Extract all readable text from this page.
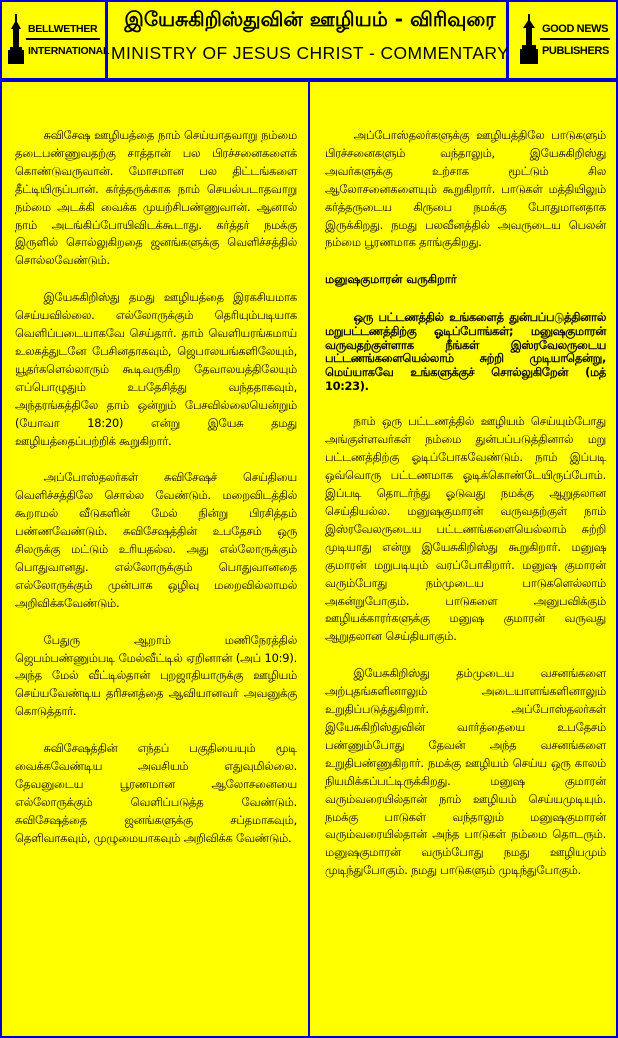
BELLWETHER
INTERNATIONAL
இயேசுகிறிஸ்துவின் ஊழியம் - விரிவுரை
MINISTRY OF JESUS CHRIST - COMMENTARY
GOOD NEWS
PUBLISHERS

சுவிசேஷ ஊழியத்தை நாம் செய்யாதவாறு நம்மை தடைபண்ணுவதற்கு சாத்தான் பல பிரச்சனைகளைக் கொண்டுவருவான். மோசமான பல திட்டங்களை தீட்டியிருப்பான். கர்த்தருக்காக நாம் செயல்படாதவாறு நம்மை அடக்கி வைக்க முயற்சிபண்ணுவான். ஆனால் நாம் அடங்கிப்போயிவிடக்கூடாது. கர்த்தர் நமக்கு இருளில் சொல்லுகிறதை ஜனங்களுக்கு வெளிச்சத்தில் சொல்லவேண்டும்.

இயேசுகிறிஸ்து தமது ஊழியத்தை இரகசியமாக செய்யவில்லை. எல்லோருக்கும் தெரியும்படியாக வெளிப்படையாகவே செய்தார். தாம் வெளியரங்கமாய் உலகத்துடனே பேசினதாகவும், ஜெபாலயங்களிலேயும், யூதர்களெல்லாரும் கூடிவருகிற தேவாலயத்திலேயும் எப்பொழுதும் உபதேசித்து வந்ததாகவும், அந்தரங்கத்திலே தாம் ஒன்றும் பேசவில்லையென்றும் (யோவா 18:20) என்று இயேசு தமது ஊழியத்தைப்பற்றிக் கூறுகிறார்.

அப்போஸ்தலர்கள் சுவிசேஷச் செய்தியை வெளிச்சத்திலே சொல்ல வேண்டும். மறைவிடத்தில் கூறாமல் வீடுகளின் மேல் நின்று பிரசித்தம் பண்ணவேண்டும். சுவிசேஷத்தின் உபதேசம் ஒரு சிலருக்கு மட்டும் உரியதல்ல. அது எல்லோருக்கும் பொதுவானது. எல்லோருக்கும் பொதுவானதை எல்லோருக்கும் முன்பாக ஒழிவு மறைவில்லாமல் அறிவிக்கவேண்டும்.

பேதுரு ஆறாம் மணிநேரத்தில் ஜெபம்பண்ணும்படி மேல்வீட்டில் ஏறினான் (அப் 10:9). அந்த மேல் வீட்டில்தான் புறஜாதியாருக்கு ஊழியம் செய்யவேண்டிய தரிசனத்தை ஆவியானவர் அவனுக்கு கொடுத்தார்.

சுவிசேஷத்தின் எந்தப் பகுதியையும் மூடி வைக்கவேண்டிய அவசியம் எதுவுமில்லை. தேவனுடைய பூரணமான ஆலோசனையை எல்லோருக்கும் வெளிப்படுத்த வேண்டும். சுவிசேஷத்தை ஜனங்களுக்கு சப்தமாகவும், தெளிவாகவும், முழுமையாகவும் அறிவிக்க வேண்டும்.

அப்போஸ்தலர்களுக்கு ஊழியத்திலே பாடுகளும் பிரச்சனைகளும் வந்தாலும், இயேசுகிறிஸ்து அவர்களுக்கு உற்சாக மூட்டும் சில ஆலோசனைகளையும் கூறுகிறார். பாடுகள் மத்தியிலும் கர்த்தருடைய கிருபை நமக்கு போதுமானதாக இருக்கிறது. நமது பலவீனத்தில் அவருடைய பெலன் நம்மை பூரணமாக தாங்குகிறது.

மனுஷகுமாரன் வருகிறார்

ஒரு பட்டணத்தில் உங்களைத் துன்பப்படுத்தினால் மறுபட்டணத்திற்கு ஓடிப்போங்கள்; மனுஷகுமாரன் வருவதற்குள்ளாக நீங்கள் இஸ்ரவேலருடைய பட்டணங்களையெல்லாம் சுற்றி முடியாதென்று, மெய்யாகவே உங்களுக்குச் சொல்லுகிறேன் (மத் 10:23).

நாம் ஒரு பட்டணத்தில் ஊழியம் செய்யும்போது அங்குள்ளவர்கள் நம்மை துன்பப்படுத்தினால் மறு பட்டணத்திற்கு ஓடிப்போகவேண்டும். நாம் இப்படி ஒவ்வொரு பட்டணமாக ஓடிக்கொண்டேயிருப்போம். இப்படி தொடர்ந்து ஓடுவது நமக்கு ஆறுதலான செய்தியல்ல. மனுஷகுமாரன் வருவதற்குள் நாம் இஸ்ரவேலருடைய பட்டணங்களையெல்லாம் சுற்றி முடியாது என்று இயேசுகிறிஸ்து கூறுகிறார். மனுஷ குமாரன் மறுபடியும் வரப்போகிறார். மனுஷ குமாரன் வரும்போது நம்முடைய பாடுகளெல்லாம் அகன்றுபோகும். பாடுகளை அனுபவிக்கும் ஊழியக்காரர்களுக்கு மனுஷ குமாரன் வருவது ஆறுதலான செய்தியாகும்.

இயேசுகிறிஸ்து தம்முடைய வசனங்களை அற்புதங்களினாலும் அடையாளங்களினாலும் உறுதிப்படுத்துகிறார். அப்போஸ்தலர்கள் இயேசுகிறிஸ்துவின் வார்த்தையை உபதேசம் பண்ணும்போது தேவன் அந்த வசனங்களை உறுதிபண்ணுகிறார். நமக்கு ஊழியம் செய்ய ஒரு காலம் நியமிக்கப்பட்டிருக்கிறது. மனுஷ குமாரன் வரும்வரையில்தான் நாம் ஊழியம் செய்யமுடியும். நமக்கு பாடுகள் வந்தாலும் மனுஷகுமாரன் வரும்வரையில்தான் அந்த பாடுகள் நம்மை தொடரும். மனுஷகுமாரன் வரும்போது நமது ஊழியமும் முடிந்துபோகும். நமது பாடுகளும் முடிந்துபோகும்.
